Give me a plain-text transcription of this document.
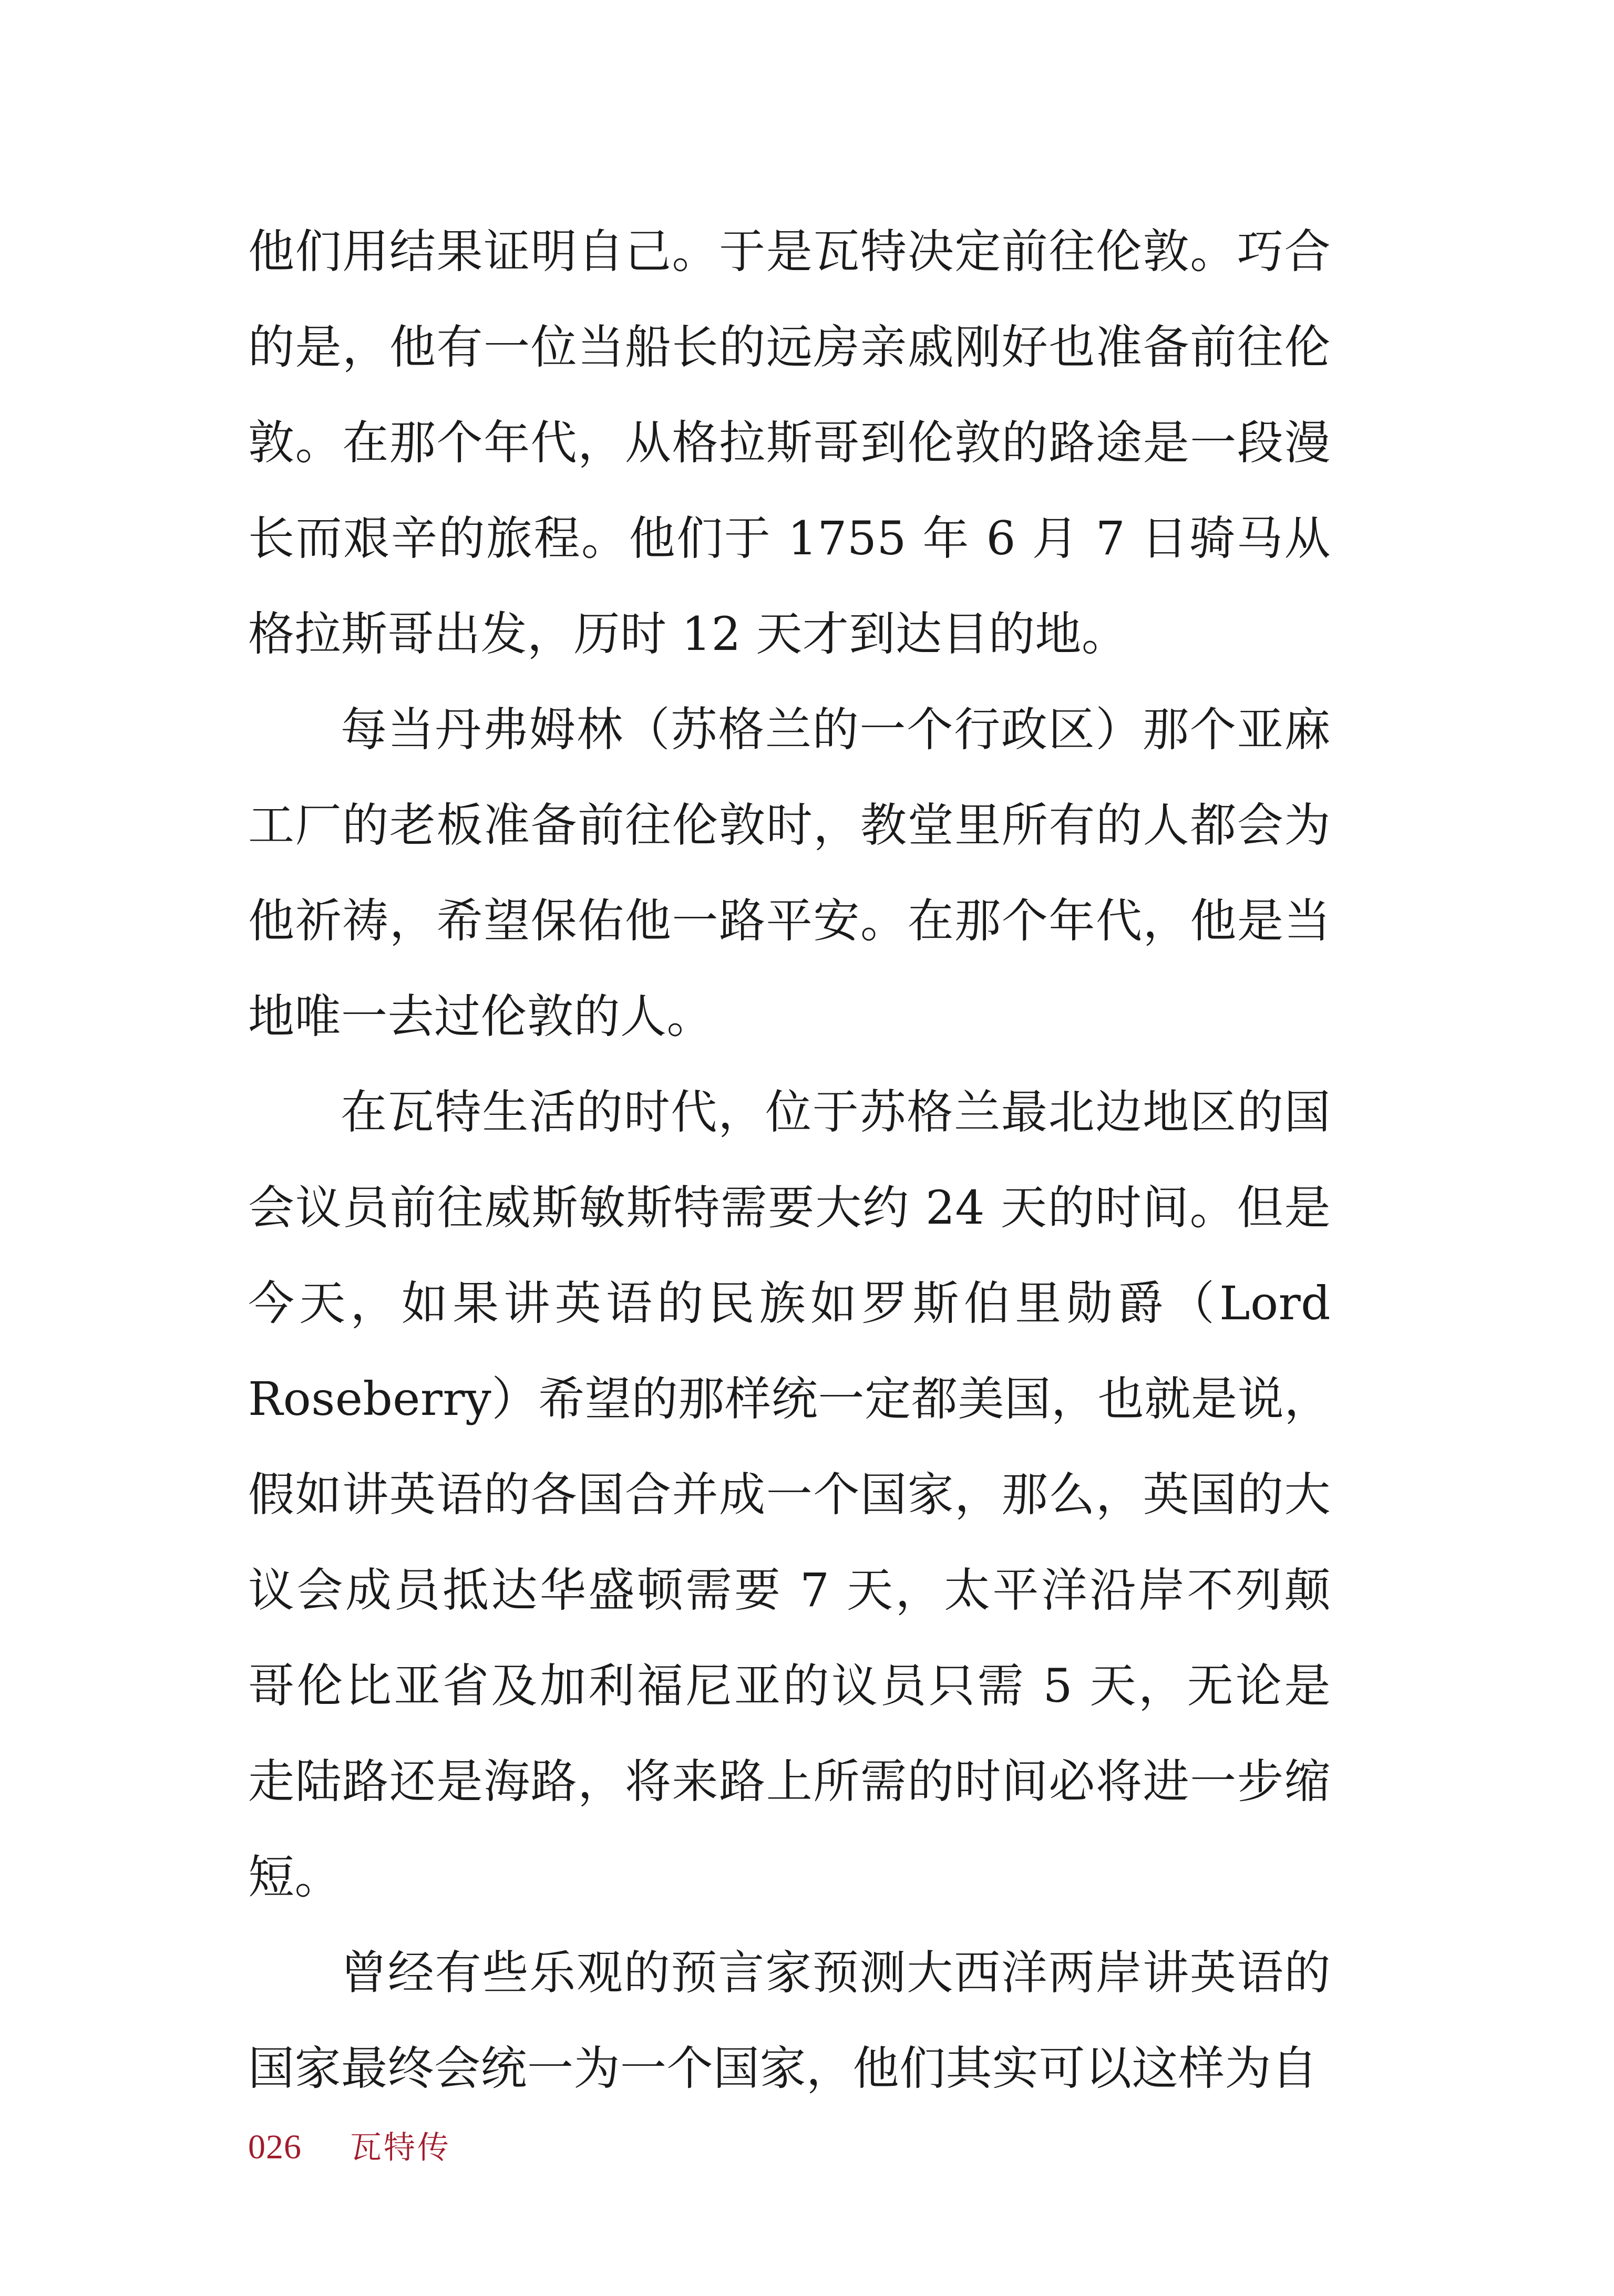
他们用结果证明自己。于是瓦特决定前往伦敦。巧合的是，他有一位当船长的远房亲戚刚好也准备前往伦敦。在那个年代，从格拉斯哥到伦敦的路途是一段漫长而艰辛的旅程。他们于 1755 年 6 月 7 日骑马从格拉斯哥出发，历时 12 天才到达目的地。

每当丹弗姆林（苏格兰的一个行政区）那个亚麻工厂的老板准备前往伦敦时，教堂里所有的人都会为他祈祷，希望保佑他一路平安。在那个年代，他是当地唯一去过伦敦的人。

在瓦特生活的时代，位于苏格兰最北边地区的国会议员前往威斯敏斯特需要大约 24 天的时间。但是今天，如果讲英语的民族如罗斯伯里勋爵（Lord Roseberry）希望的那样统一定都美国，也就是说，假如讲英语的各国合并成一个国家，那么，英国的大议会成员抵达华盛顿需要 7 天，太平洋沿岸不列颠哥伦比亚省及加利福尼亚的议员只需 5 天，无论是走陆路还是海路，将来路上所需的时间必将进一步缩短。

曾经有些乐观的预言家预测大西洋两岸讲英语的国家最终会统一为一个国家，他们其实可以这样为自

026 瓦特传
